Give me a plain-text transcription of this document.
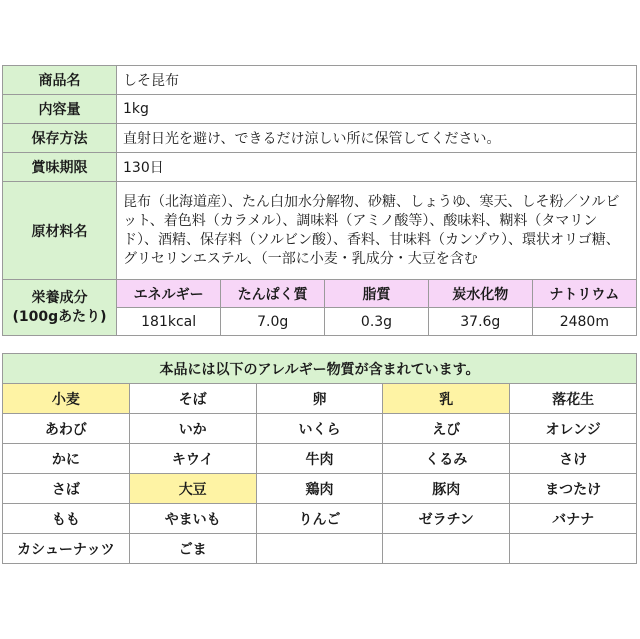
商品名	しそ昆布
内容量	1kg
保存方法	直射日光を避け、できるだけ涼しい所に保管してください。
賞味期限	130日
原材料名	昆布（北海道産）、たん白加水分解物、砂糖、しょうゆ、寒天、しそ粉／ソルビット、着色料（カラメル）、調味料（アミノ酸等）、酸味料、糊料（タマリンド）、酒精、保存料（ソルビン酸）、香料、甘味料（カンゾウ）、環状オリゴ糖、グリセリンエステル、（一部に小麦・乳成分・大豆を含む

栄養成分
(100gあたり)

エネルギー	たんぱく質	脂質	炭水化物	ナトリウム
181kcal	7.0g	0.3g	37.6g	2480m
本品には以下のアレルギー物質が含まれています。				
小麦	そば	卵	乳	落花生
あわび	いか	いくら	えび	オレンジ
かに	キウイ	牛肉	くるみ	さけ
さば	大豆	鶏肉	豚肉	まつたけ
もも	やまいも	りんご	ゼラチン	バナナ
カシューナッツ	ごま			
